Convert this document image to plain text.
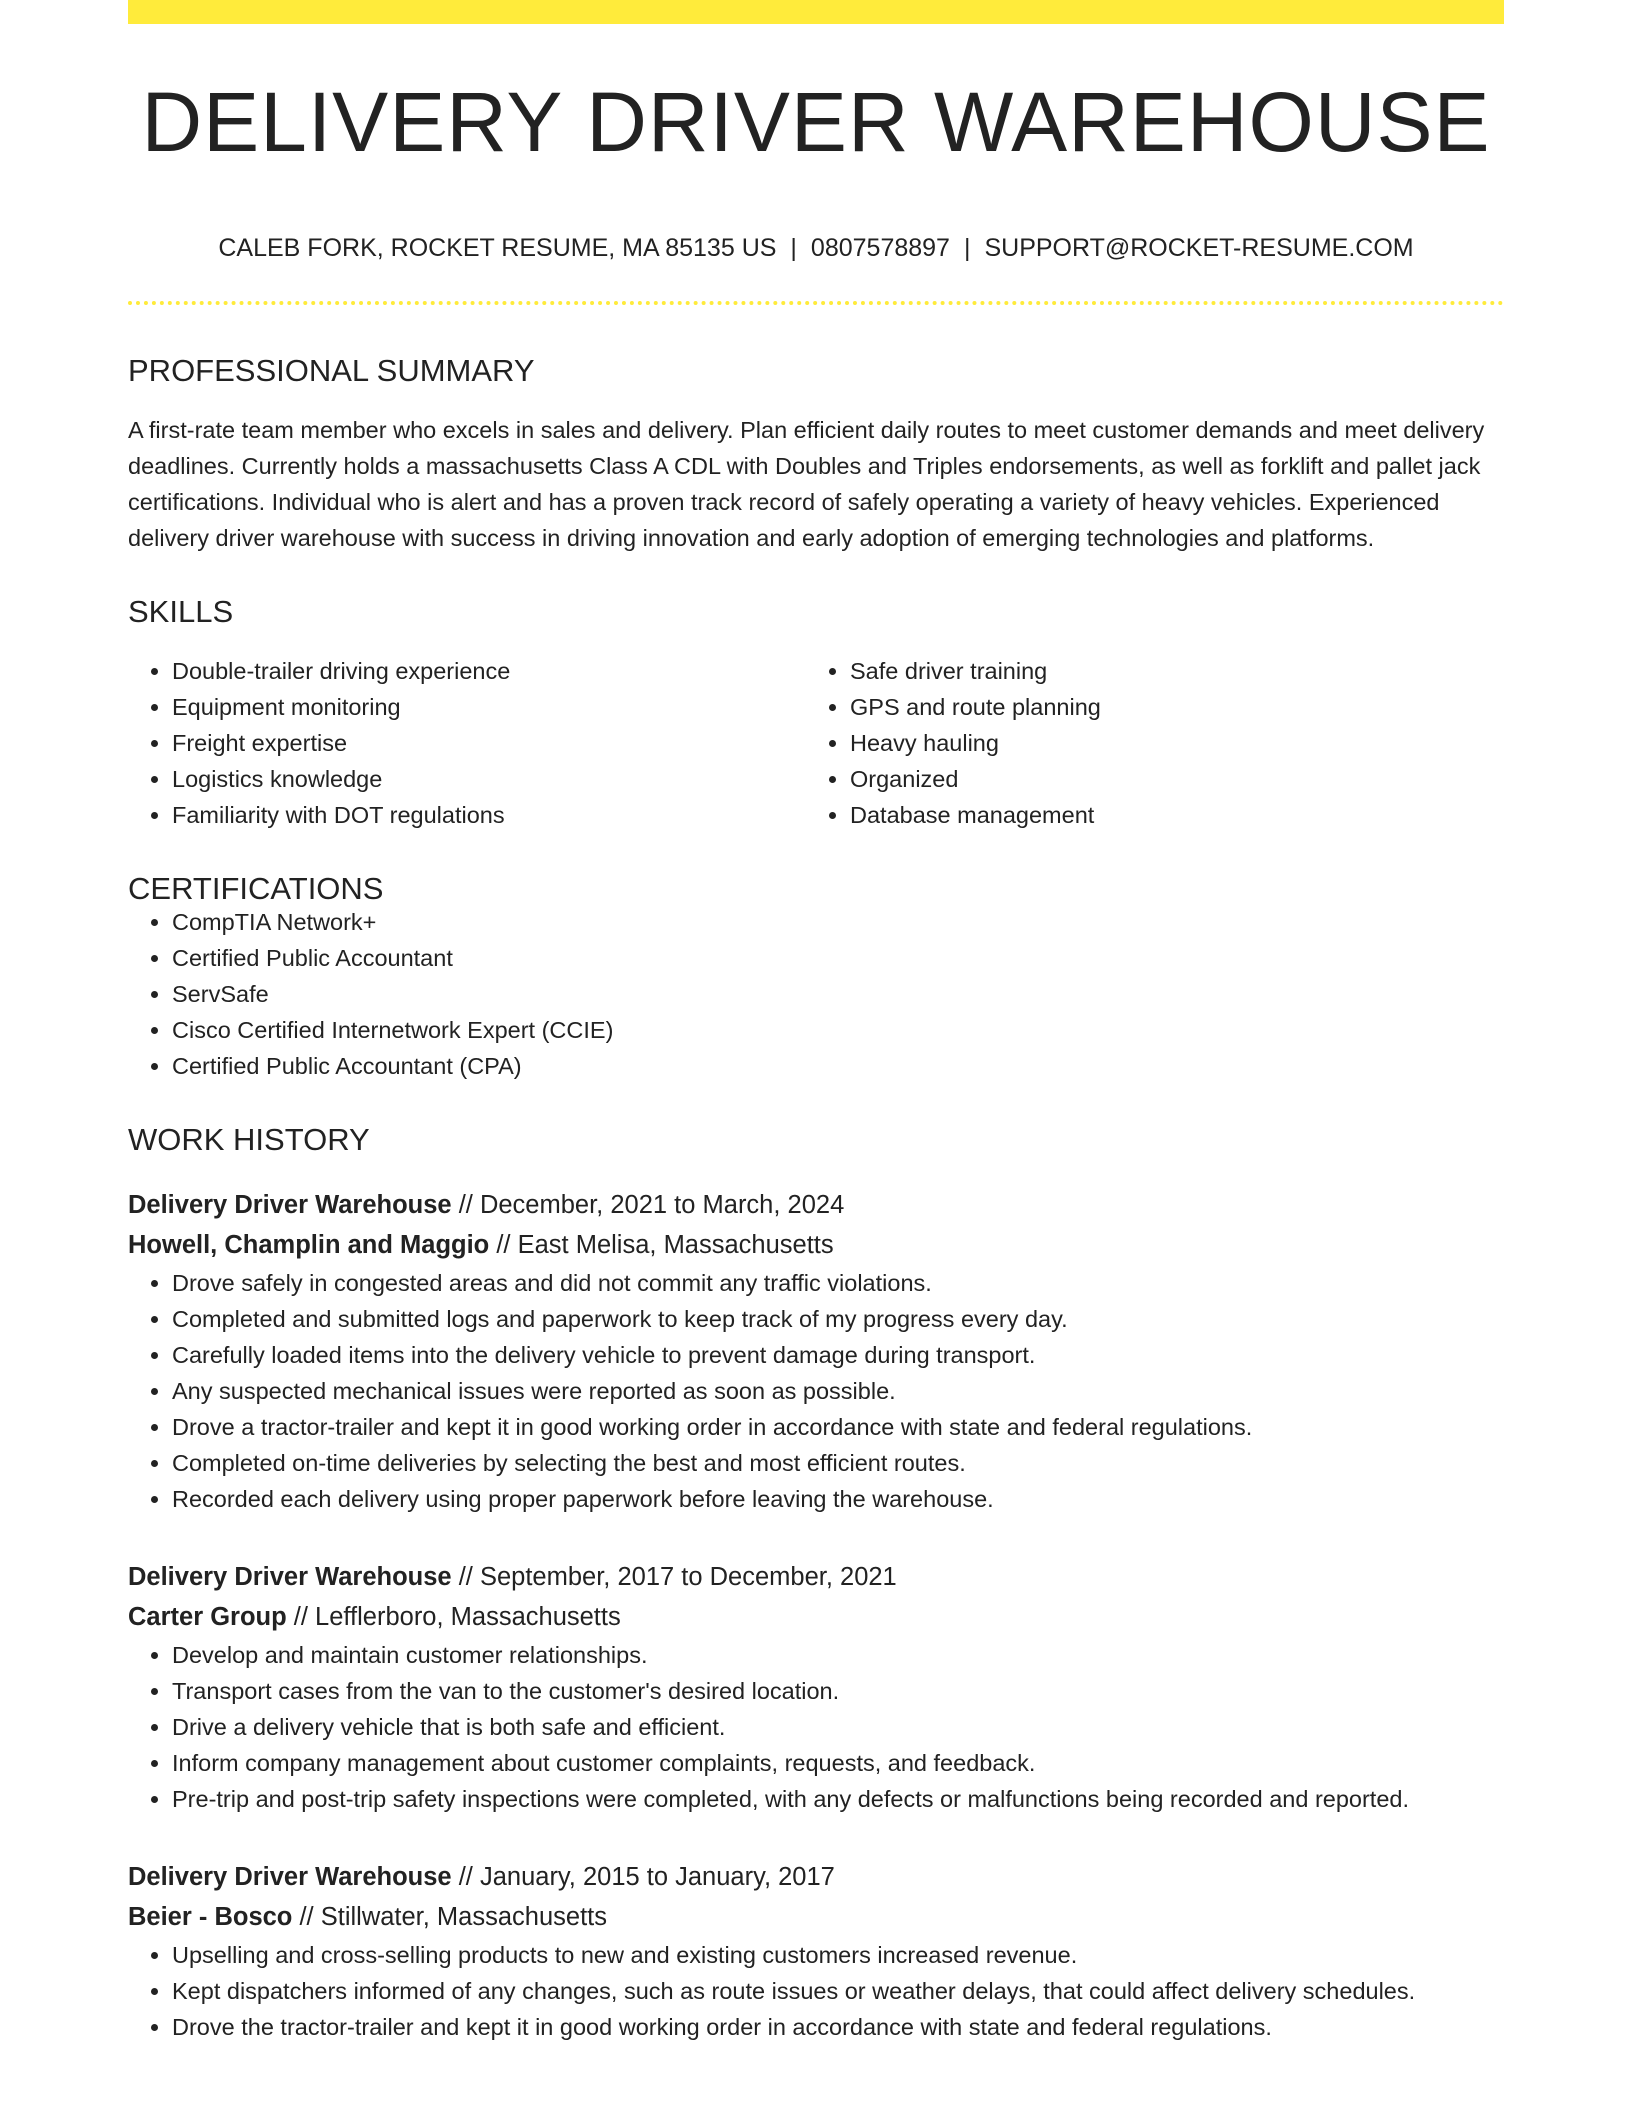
DELIVERY DRIVER WAREHOUSE
CALEB FORK, ROCKET RESUME, MA 85135 US | 0807578897 | SUPPORT@ROCKET-RESUME.COM
PROFESSIONAL SUMMARY
A first-rate team member who excels in sales and delivery. Plan efficient daily routes to meet customer demands and meet delivery deadlines. Currently holds a massachusetts Class A CDL with Doubles and Triples endorsements, as well as forklift and pallet jack certifications. Individual who is alert and has a proven track record of safely operating a variety of heavy vehicles. Experienced delivery driver warehouse with success in driving innovation and early adoption of emerging technologies and platforms.
SKILLS
• Double-trailer driving experience
• Equipment monitoring
• Freight expertise
• Logistics knowledge
• Familiarity with DOT regulations
• Safe driver training
• GPS and route planning
• Heavy hauling
• Organized
• Database management
CERTIFICATIONS
• CompTIA Network+
• Certified Public Accountant
• ServSafe
• Cisco Certified Internetwork Expert (CCIE)
• Certified Public Accountant (CPA)
WORK HISTORY
Delivery Driver Warehouse // December, 2021 to March, 2024
Howell, Champlin and Maggio // East Melisa, Massachusetts
• Drove safely in congested areas and did not commit any traffic violations.
• Completed and submitted logs and paperwork to keep track of my progress every day.
• Carefully loaded items into the delivery vehicle to prevent damage during transport.
• Any suspected mechanical issues were reported as soon as possible.
• Drove a tractor-trailer and kept it in good working order in accordance with state and federal regulations.
• Completed on-time deliveries by selecting the best and most efficient routes.
• Recorded each delivery using proper paperwork before leaving the warehouse.
Delivery Driver Warehouse // September, 2017 to December, 2021
Carter Group // Lefflerboro, Massachusetts
• Develop and maintain customer relationships.
• Transport cases from the van to the customer's desired location.
• Drive a delivery vehicle that is both safe and efficient.
• Inform company management about customer complaints, requests, and feedback.
• Pre-trip and post-trip safety inspections were completed, with any defects or malfunctions being recorded and reported.
Delivery Driver Warehouse // January, 2015 to January, 2017
Beier - Bosco // Stillwater, Massachusetts
• Upselling and cross-selling products to new and existing customers increased revenue.
• Kept dispatchers informed of any changes, such as route issues or weather delays, that could affect delivery schedules.
• Drove the tractor-trailer and kept it in good working order in accordance with state and federal regulations.
